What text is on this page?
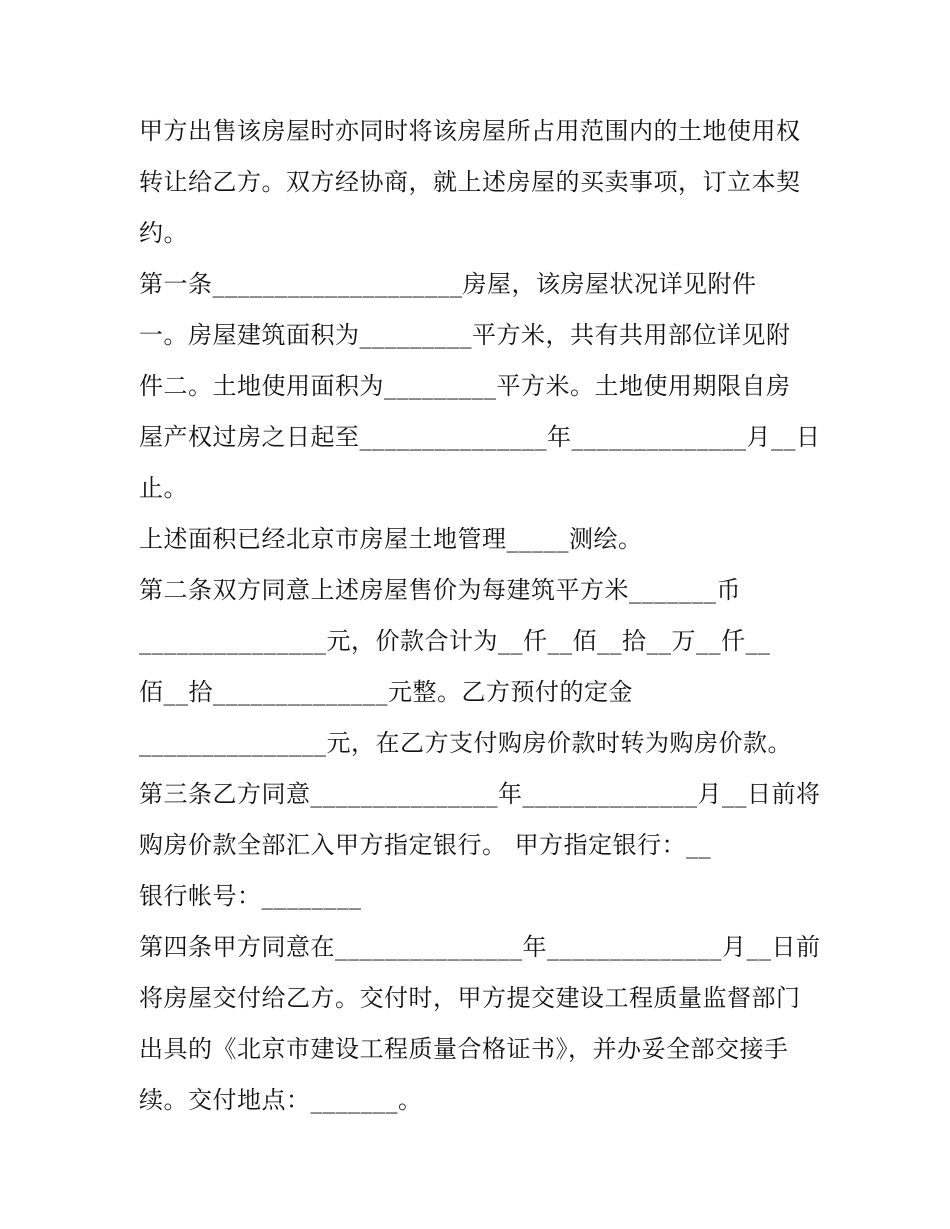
甲方出售该房屋时亦同时将该房屋所占用范围内的土地使用权
转让给乙方。双方经协商，就上述房屋的买卖事项，订立本契
约。
第一条____________________房屋，该房屋状况详见附件
一。房屋建筑面积为_________平方米，共有共用部位详见附
件二。土地使用面积为_________平方米。土地使用期限自房
屋产权过房之日起至_______________年______________月__日
止。
上述面积已经北京市房屋土地管理_____测绘。
第二条双方同意上述房屋售价为每建筑平方米_______币
_______________元，价款合计为__仟__佰__拾__万__仟__
佰__拾______________元整。乙方预付的定金
_______________元，在乙方支付购房价款时转为购房价款。
第三条乙方同意_______________年______________月__日前将
购房价款全部汇入甲方指定银行。 甲方指定银行：__
银行帐号：________
第四条甲方同意在_______________年______________月__日前
将房屋交付给乙方。交付时，甲方提交建设工程质量监督部门
出具的《北京市建设工程质量合格证书》，并办妥全部交接手
续。交付地点：_______。
